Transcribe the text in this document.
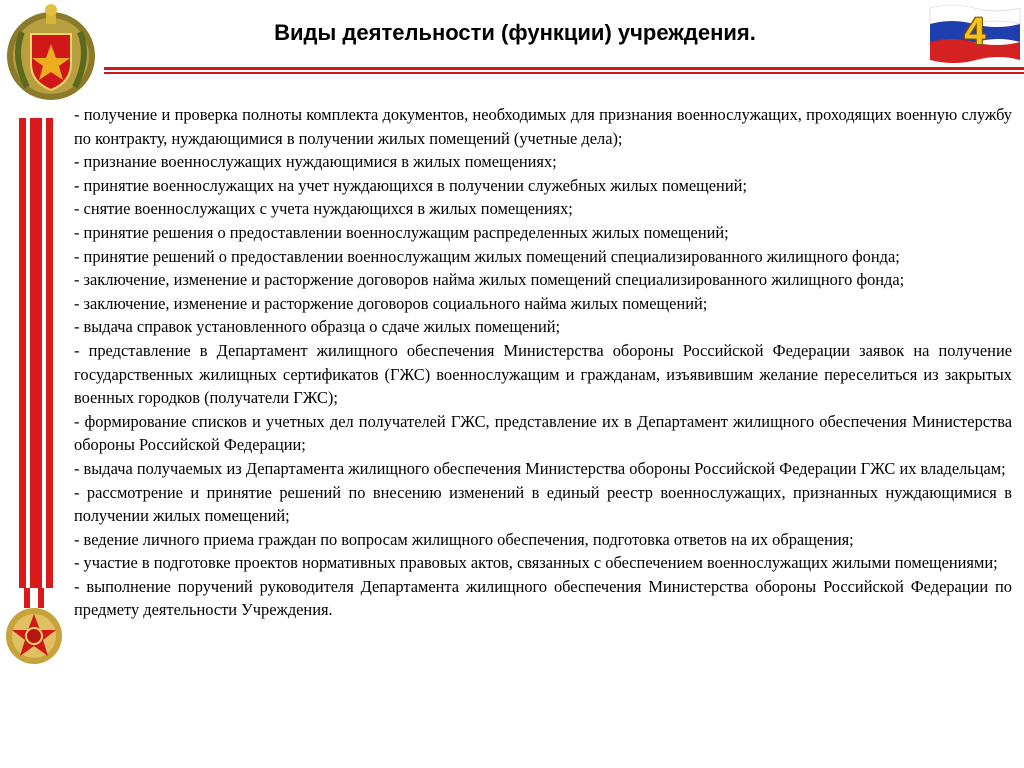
Виды деятельности (функции) учреждения.	4

- получение и проверка полноты комплекта документов, необходимых для признания военнослужащих, проходящих военную службу по контракту, нуждающимися в получении жилых помещений (учетные дела);

- признание военнослужащих нуждающимися в жилых помещениях;

- принятие военнослужащих на учет нуждающихся в получении служебных жилых помещений;

- снятие военнослужащих с учета нуждающихся в жилых помещениях;

- принятие решения о предоставлении военнослужащим распределенных жилых помещений;

- принятие решений о предоставлении военнослужащим жилых помещений специализированного жилищного фонда;

- заключение, изменение и расторжение договоров найма жилых помещений специализированного жилищного фонда;

- заключение, изменение и расторжение договоров социального найма жилых помещений;

- выдача справок установленного образца о сдаче жилых помещений;

- представление в Департамент жилищного обеспечения Министерства обороны Российской Федерации заявок на получение государственных жилищных сертификатов (ГЖС) военнослужащим и гражданам, изъявившим желание переселиться из закрытых военных городков (получатели ГЖС);

- формирование списков и учетных дел получателей ГЖС, представление их в Департамент жилищного обеспечения Министерства обороны Российской Федерации;

- выдача получаемых из Департамента жилищного обеспечения Министерства обороны Российской Федерации ГЖС их владельцам;

- рассмотрение и принятие решений по внесению изменений в единый реестр военнослужащих, признанных нуждающимися в получении жилых помещений;

- ведение личного приема граждан по вопросам жилищного обеспечения, подготовка ответов на их обращения;

- участие в подготовке проектов нормативных правовых актов, связанных с обеспечением военнослужащих жилыми помещениями;

- выполнение поручений руководителя Департамента жилищного обеспечения Министерства обороны Российской Федерации по предмету деятельности Учреждения.
